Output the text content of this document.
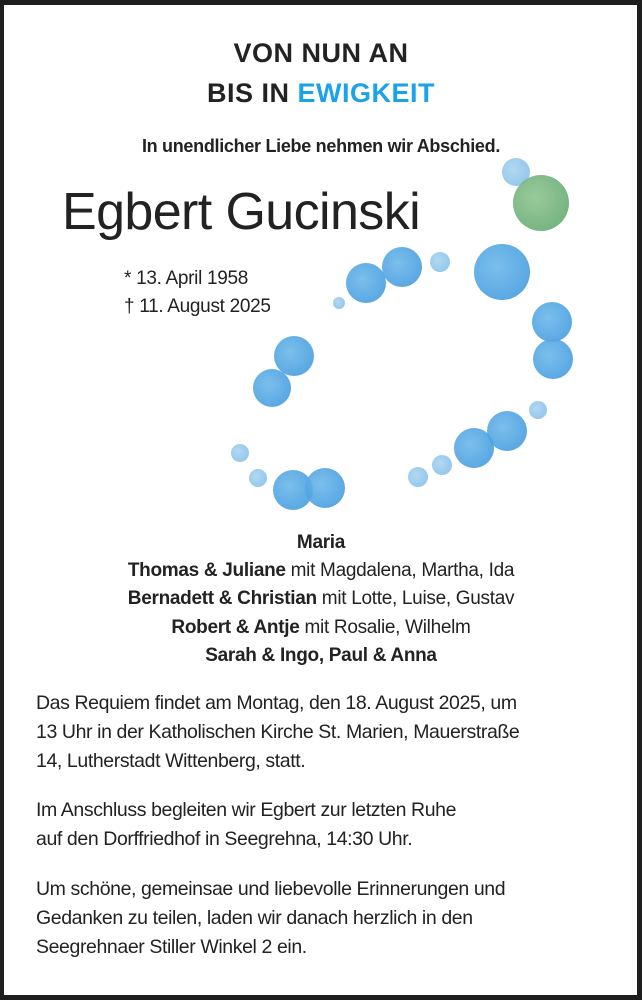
VON NUN AN
BIS IN EWIGKEIT
In unendlicher Liebe nehmen wir Abschied.
Egbert Gucinski
* 13. April 1958
† 11. August 2025
Maria
Thomas & Juliane mit Magdalena, Martha, Ida
Bernadett & Christian mit Lotte, Luise, Gustav
Robert & Antje mit Rosalie, Wilhelm
Sarah & Ingo, Paul & Anna
Das Requiem findet am Montag, den 18. August 2025, um
13 Uhr in der Katholischen Kirche St. Marien, Mauerstraße
14, Lutherstadt Wittenberg, statt.
Im Anschluss begleiten wir Egbert zur letzten Ruhe
auf den Dorffriedhof in Seegrehna, 14:30 Uhr.
Um schöne, gemeinsae und liebevolle Erinnerungen und
Gedanken zu teilen, laden wir danach herzlich in den
Seegrehnaer Stiller Winkel 2 ein.
